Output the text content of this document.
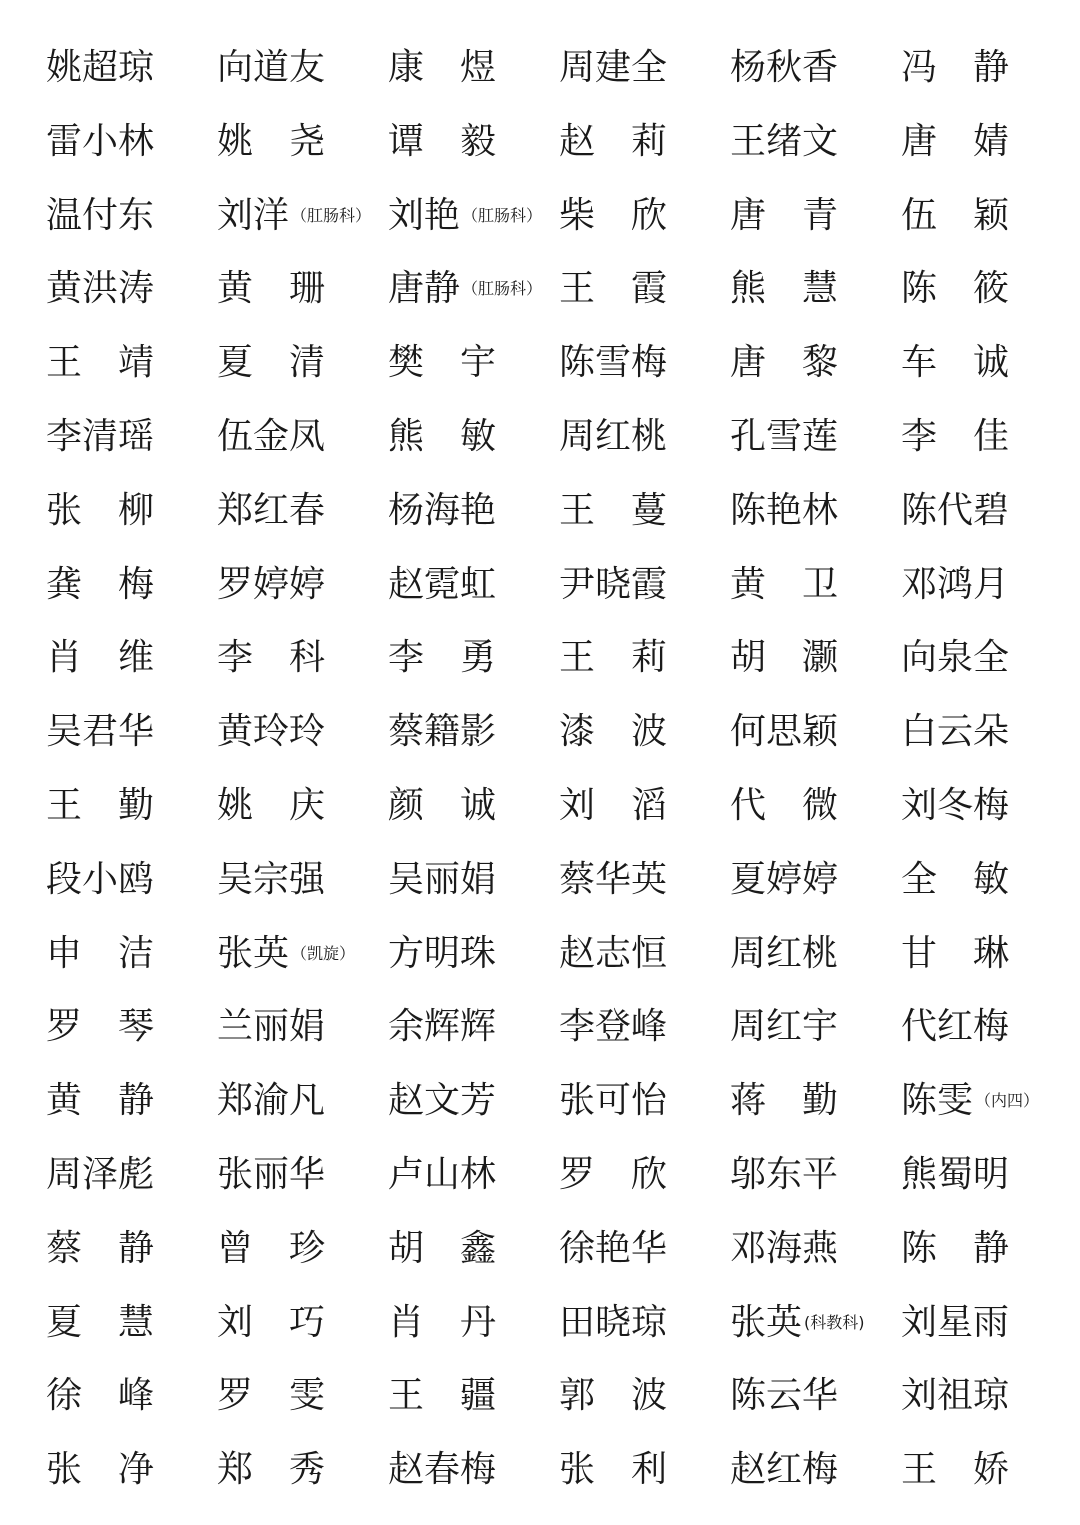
姚超琼 向道友 康 煜 周建全 杨秋香 冯 静
雷小林 姚 尧 谭 毅 赵 莉 王绪文 唐 婧
温付东 刘洋 （肛肠科） 刘艳 （肛肠科） 柴 欣 唐 青 伍 颖
黄洪涛 黄 珊 唐静 （肛肠科） 王 霞 熊 慧 陈 筱
王 靖 夏 清 樊 宇 陈雪梅 唐 黎 车 诚
李清瑶 伍金凤 熊 敏 周红桃 孔雪莲 李 佳
张 柳 郑红春 杨海艳 王 蔓 陈艳林 陈代碧
龚 梅 罗婷婷 赵霓虹 尹晓霞 黄 卫 邓鸿月
肖 维 李 科 李 勇 王 莉 胡 灏 向泉全
吴君华 黄玲玲 蔡籍影 漆 波 何思颖 白云朵
王 勤 姚 庆 颜 诚 刘 滔 代 微 刘冬梅
段小鸥 吴宗强 吴丽娟 蔡华英 夏婷婷 全 敏
申 洁 张英 （凯旋） 方明珠 赵志恒 周红桃 甘 琳
罗 琴 兰丽娟 余辉辉 李登峰 周红宇 代红梅
黄 静 郑渝凡 赵文芳 张可怡 蒋 勤 陈雯 （内四）
周泽彪 张丽华 卢山林 罗 欣 邬东平 熊蜀明
蔡 静 曾 珍 胡 鑫 徐艳华 邓海燕 陈 静
夏 慧 刘 巧 肖 丹 田晓琼 张英 (科教科) 刘星雨
徐 峰 罗 雯 王 疆 郭 波 陈云华 刘祖琼
张 净 郑 秀 赵春梅 张 利 赵红梅 王 娇
